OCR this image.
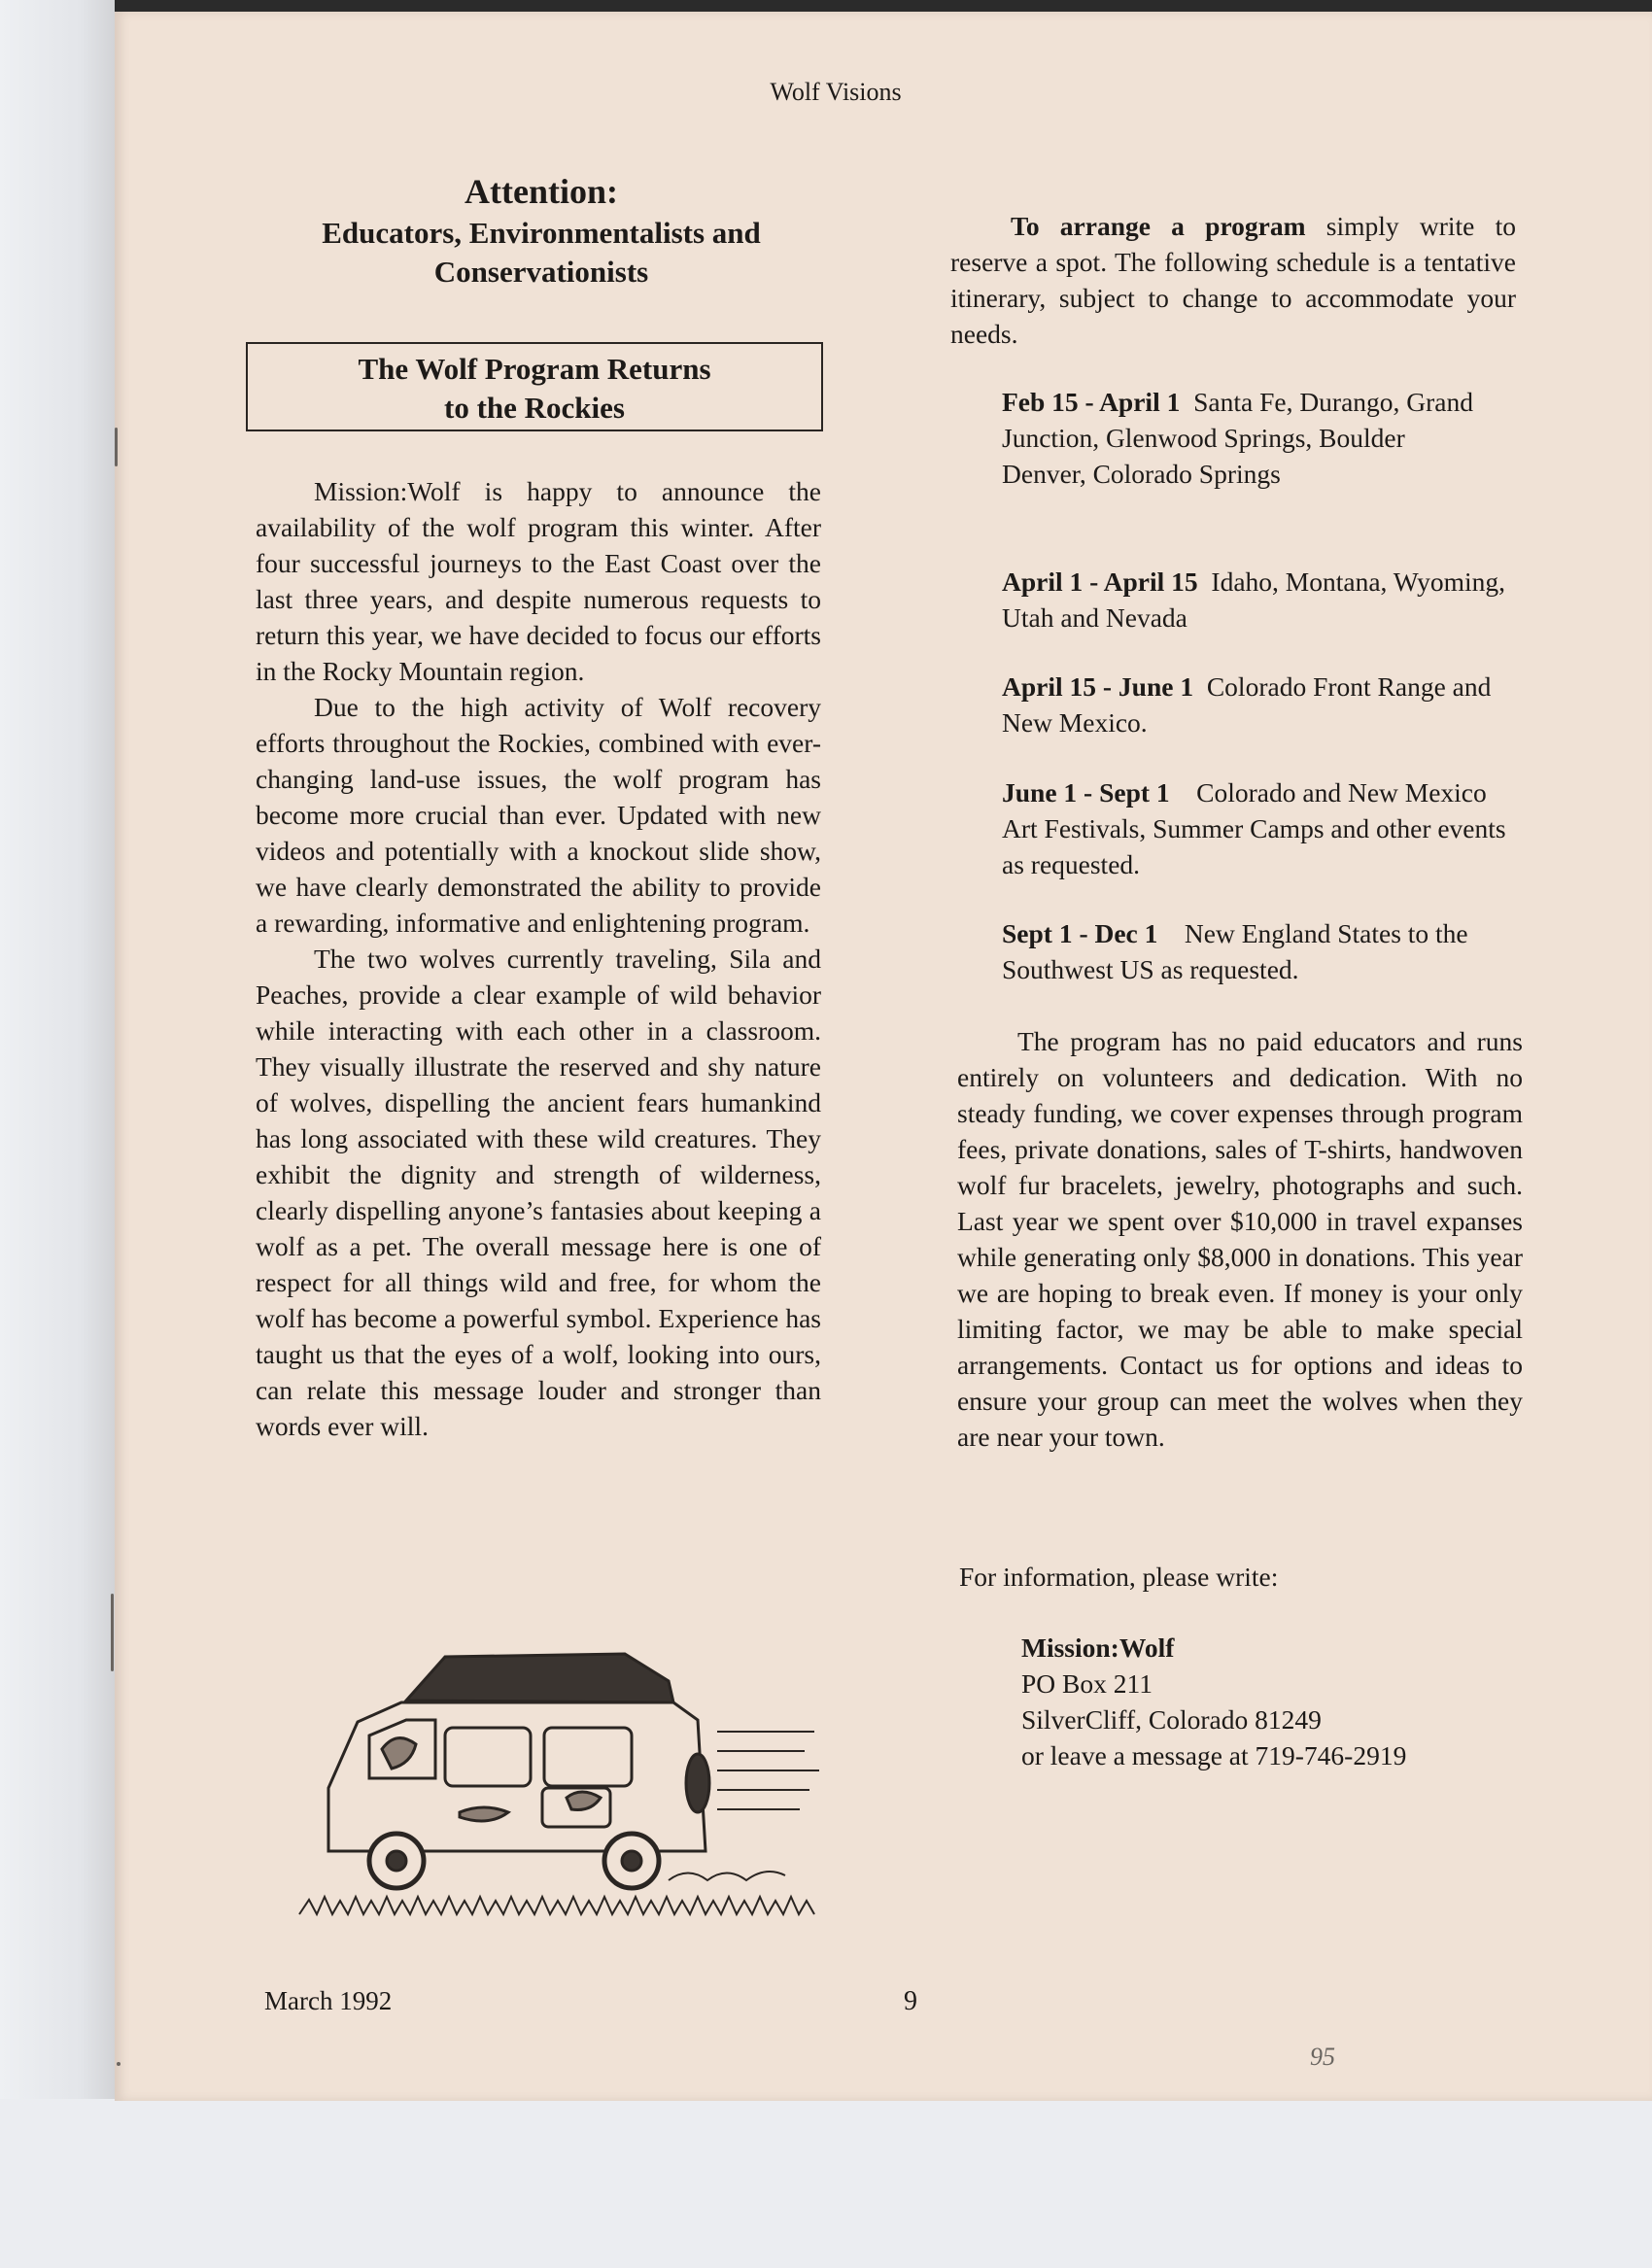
Wolf Visions

Attention:

Educators, Environmentalists and

Conservationists

The Wolf Program Returns
to the Rockies

Mission:Wolf is happy to announce the availability of the wolf program this winter. After four successful journeys to the East Coast over the last three years, and despite numerous requests to return this year, we have decided to focus our efforts in the Rocky Mountain region.

Due to the high activity of Wolf recovery efforts throughout the Rockies, combined with ever-changing land-use issues, the wolf program has become more crucial than ever. Updated with new videos and potentially with a knockout slide show, we have clearly demonstrated the ability to provide a rewarding, informative and enlightening program.

The two wolves currently traveling, Sila and Peaches, provide a clear example of wild behavior while interacting with each other in a classroom. They visually illustrate the reserved and shy nature of wolves, dispelling the ancient fears humankind has long associated with these wild creatures. They exhibit the dignity and strength of wilderness, clearly dispelling anyone’s fantasies about keeping a wolf as a pet. The overall message here is one of respect for all things wild and free, for whom the wolf has become a powerful symbol. Experience has taught us that the eyes of a wolf, looking into ours, can relate this message louder and stronger than words ever will.

To arrange a program simply write to reserve a spot. The following schedule is a tentative itinerary, subject to change to accommodate your needs.

Feb 15 - April 1 Santa Fe, Durango, Grand Junction, Glenwood Springs, Boulder
Denver, Colorado Springs
April 1 - April 15 Idaho, Montana, Wyoming, Utah and Nevada
April 15 - June 1 Colorado Front Range and New Mexico.
June 1 - Sept 1 Colorado and New Mexico Art Festivals, Summer Camps and other events as requested.
Sept 1 - Dec 1 New England States to the Southwest US as requested.

The program has no paid educators and runs entirely on volunteers and dedication. With no steady funding, we cover expenses through program fees, private donations, sales of T-shirts, handwoven wolf fur bracelets, jewelry, photographs and such. Last year we spent over $10,000 in travel expanses while generating only $8,000 in donations. This year we are hoping to break even. If money is your only limiting factor, we may be able to make special arrangements. Contact us for options and ideas to ensure your group can meet the wolves when they are near your town.

For information, please write:
Mission:Wolf
PO Box 211
SilverCliff, Colorado 81249
or leave a message at 719-746-2919
March 1992	9
95
